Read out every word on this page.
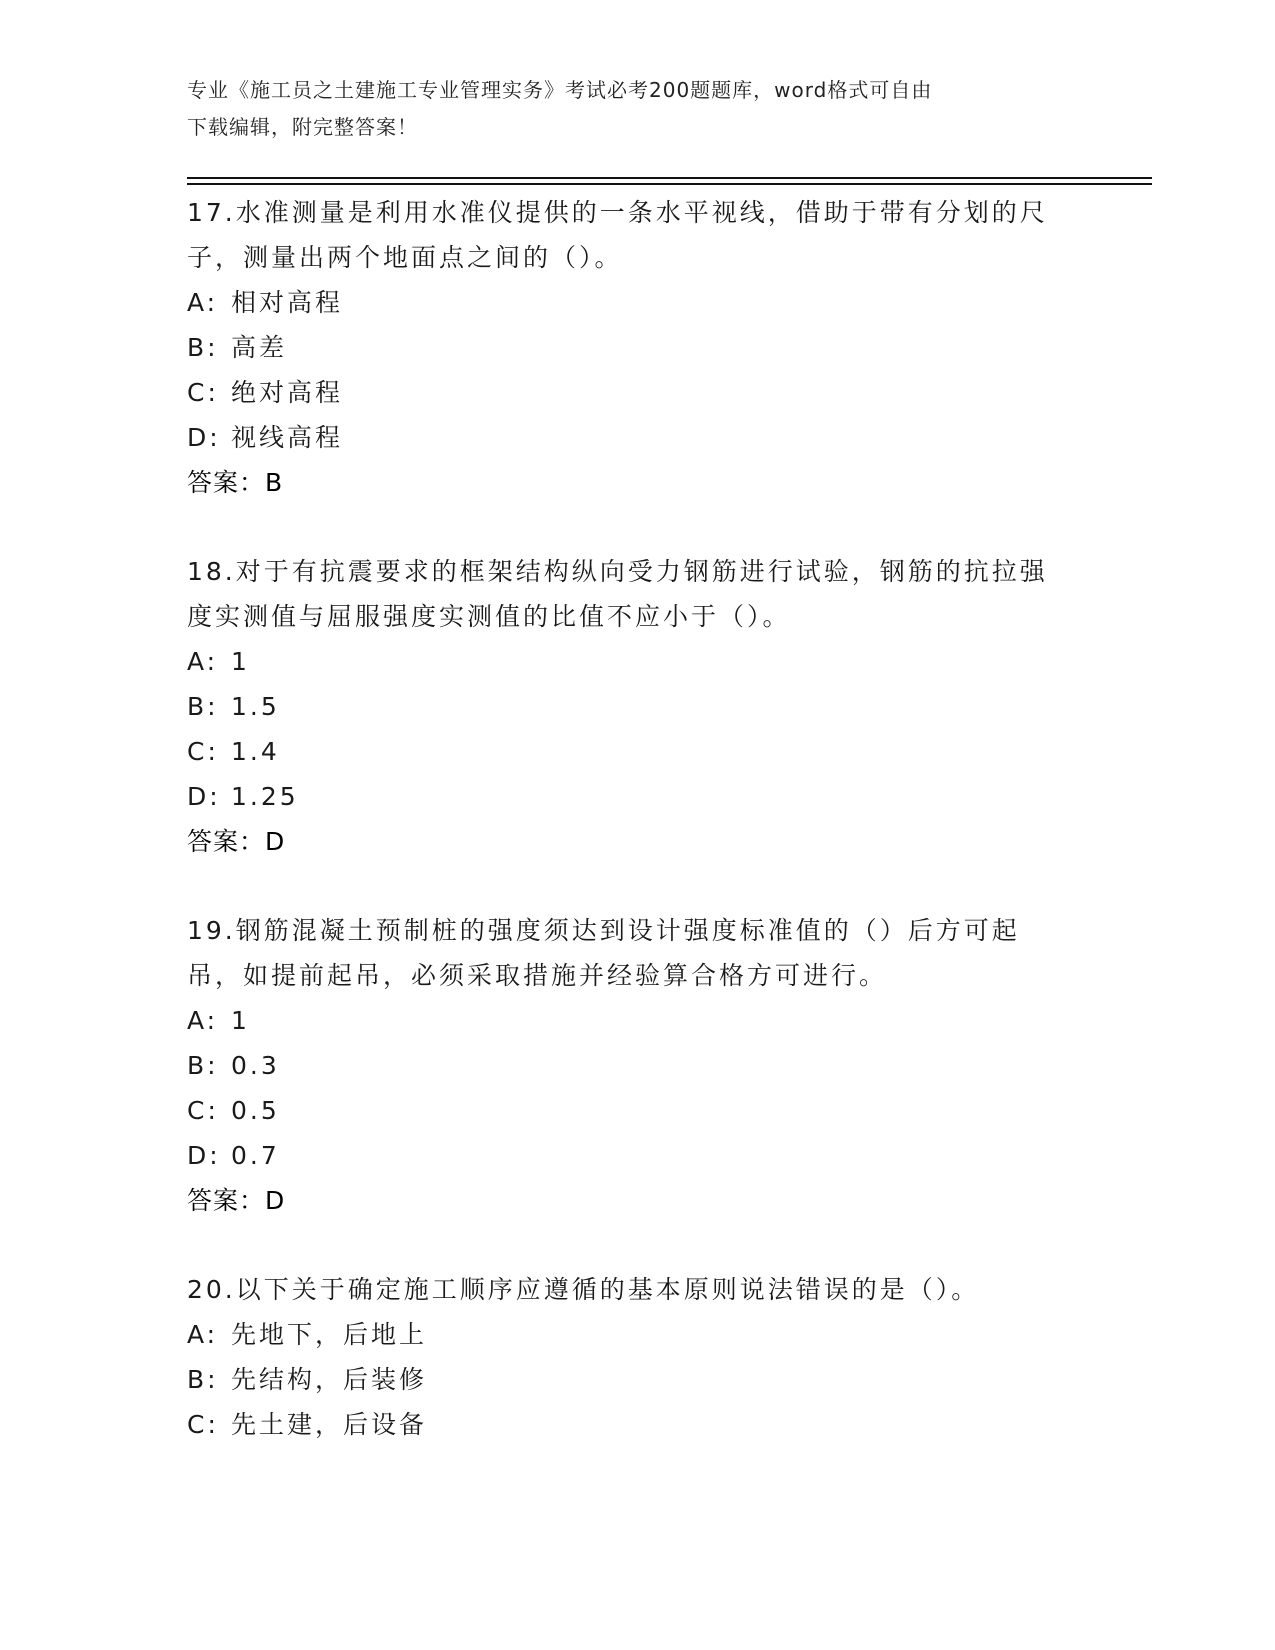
专业《施工员之土建施工专业管理实务》考试必考200题题库，word格式可自由
下载编辑，附完整答案！
17.水准测量是利用水准仪提供的一条水平视线，借助于带有分划的尺子，测量出两个地面点之间的（）。
A: 相对高程
B: 高差
C: 绝对高程
D: 视线高程
答案：B
18.对于有抗震要求的框架结构纵向受力钢筋进行试验，钢筋的抗拉强度实测值与屈服强度实测值的比值不应小于（）。
A: 1
B: 1.5
C: 1.4
D: 1.25
答案：D
19.钢筋混凝土预制桩的强度须达到设计强度标准值的（）后方可起吊，如提前起吊，必须采取措施并经验算合格方可进行。
A: 1
B: 0.3
C: 0.5
D: 0.7
答案：D
20.以下关于确定施工顺序应遵循的基本原则说法错误的是（）。
A: 先地下，后地上
B: 先结构，后装修
C: 先土建，后设备
